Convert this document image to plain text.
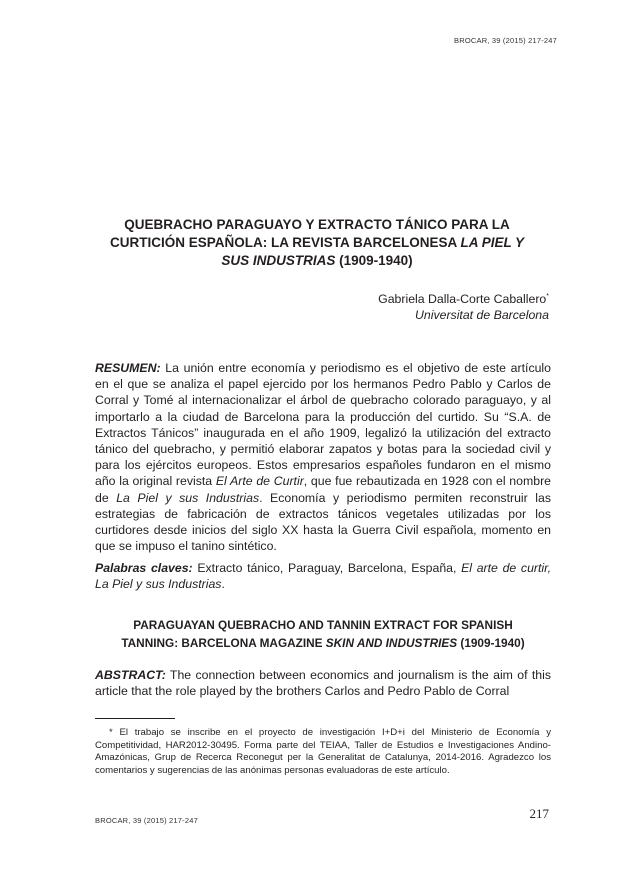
BROCAR, 39 (2015) 217-247
QUEBRACHO PARAGUAYO Y EXTRACTO TÁNICO PARA LA
CURTICIÓN ESPAÑOLA: LA REVISTA BARCELONESA LA PIEL Y
SUS INDUSTRIAS (1909-1940)
Gabriela Dalla-Corte Caballero*
Universitat de Barcelona
RESUMEN: La unión entre economía y periodismo es el objetivo de este artículo en el que se analiza el papel ejercido por los hermanos Pedro Pablo y Carlos de Corral y Tomé al internacionalizar el árbol de quebracho colorado paraguayo, y al importarlo a la ciudad de Barcelona para la producción del curtido. Su “S.A. de Extractos Tánicos” inaugurada en el año 1909, legalizó la utilización del extracto tánico del quebracho, y permitió elaborar zapatos y botas para la sociedad civil y para los ejércitos europeos. Estos empresarios españoles fundaron en el mismo año la original revista El Arte de Curtir, que fue rebautizada en 1928 con el nombre de La Piel y sus Industrias. Economía y periodismo permiten reconstruir las estrategias de fabricación de extractos tánicos vegetales utilizadas por los curtidores desde inicios del siglo XX hasta la Guerra Civil española, momento en que se impuso el tanino sintético.
Palabras claves: Extracto tánico, Paraguay, Barcelona, España, El arte de curtir, La Piel y sus Industrias.
PARAGUAYAN QUEBRACHO AND TANNIN EXTRACT FOR SPANISH
TANNING: BARCELONA MAGAZINE SKIN AND INDUSTRIES (1909-1940)
ABSTRACT: The connection between economics and journalism is the aim of this article that the role played by the brothers Carlos and Pedro Pablo de Corral
* El trabajo se inscribe en el proyecto de investigación I+D+i del Ministerio de Economía y Competitividad, HAR2012-30495. Forma parte del TEIAA, Taller de Estudios e Investigaciones Andino-Amazónicas, Grup de Recerca Reconegut per la Generalitat de Catalunya, 2014-2016. Agradezco los comentarios y sugerencias de las anónimas personas evaluadoras de este artículo.
BROCAR, 39 (2015) 217-247	217
